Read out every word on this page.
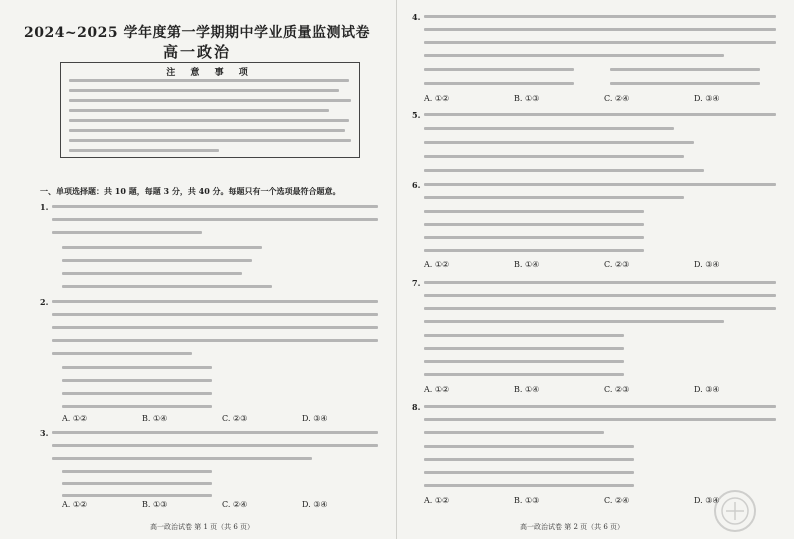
2024~2025 学年度第一学期期中学业质量监测试卷
高一政治
注 意 事 项
一、单项选择题：共 10 题，每题 3 分，共 40 分。每题只有一个选项最符合题意。
1.
2.
A. ①②	B. ①④	C. ②③	D. ③④
3.
A. ①②	B. ①③	C. ②④	D. ③④
高一政治试卷 第 1 页（共 6 页）
4.
A. ①②	B. ①③	C. ②④	D. ③④
5.
6.
A. ①②	B. ①④	C. ②③	D. ③④
7.
A. ①②	B. ①④	C. ②③	D. ③④
8.
A. ①②	B. ①③	C. ②④	D. ③④
高一政治试卷 第 2 页（共 6 页）
